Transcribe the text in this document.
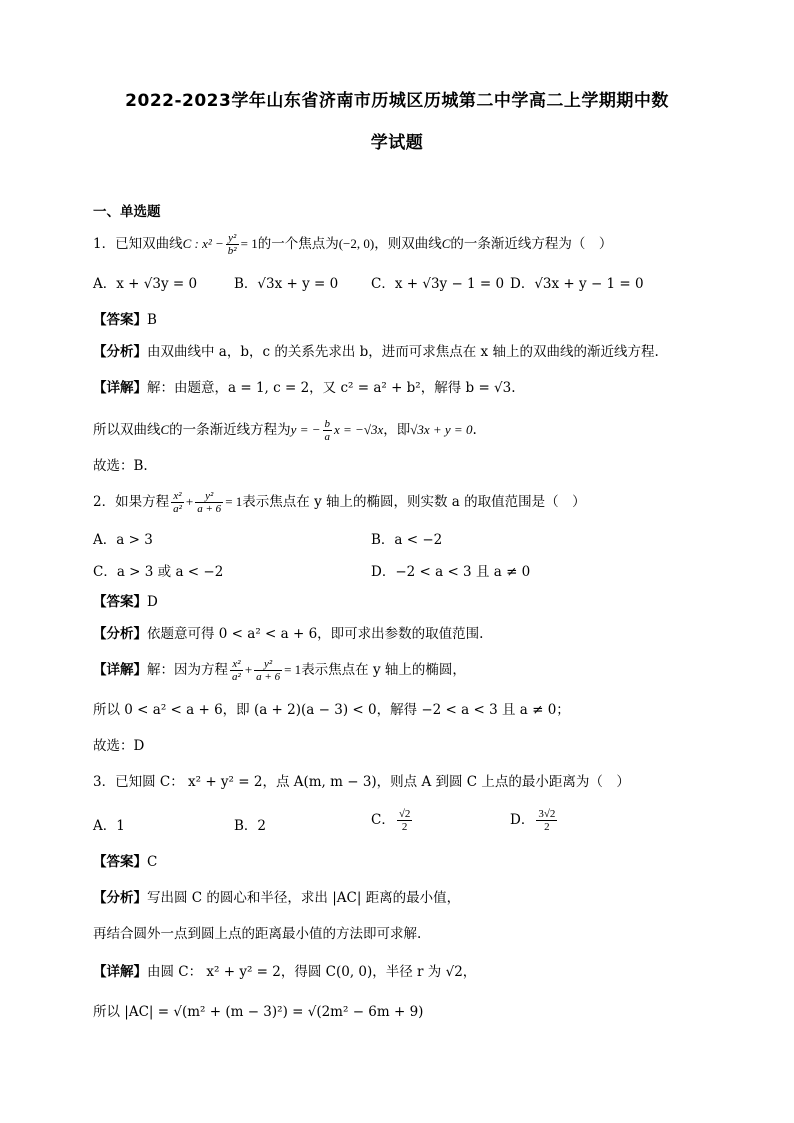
2022-2023学年山东省济南市历城区历城第二中学高二上学期期中数
学试题
一、单选题
1．已知双曲线C : $x^2 - \frac{\text{y²}}{\text{b²}} = 1$的一个焦点为(−2, 0)，则双曲线C的一条渐近线方程为（　）
A．x + √3y = 0	B．√3x + y = 0 C．x + √3y − 1 = 0 D．√3x + y − 1 = 0
【答案】B
【分析】由双曲线中 a，b，c 的关系先求出 b，进而可求焦点在 x 轴上的双曲线的渐近线方程.
【详解】解：由题意，a = 1, c = 2，又 c² = a² + b²，解得 b = √3.
所以双曲线C的一条渐近线方程为y = − $\frac{b}{a}$ x = −√3x，即√3x + y = 0.
故选：B.
2．如果方程 $\frac{\text{x²}}{\text{a²}} + \frac{\text{y²}}{a + 6} = 1$表示焦点在 y 轴上的椭圆，则实数 a 的取值范围是（　）
A．a > 3	B．a < −2
C．a > 3 或 a < −2	D．−2 < a < 3 且 a ≠ 0
【答案】D
【分析】依题意可得 0 < a² < a + 6，即可求出参数的取值范围.
【详解】解：因为方程 $\frac{\text{x²}}{\text{a²}} + \frac{\text{y²}}{a + 6} = 1$表示焦点在 y 轴上的椭圆，
所以 0 < a² < a + 6，即 (a + 2)(a − 3) < 0，解得 −2 < a < 3 且 a ≠ 0；
故选：D
3．已知圆 C： x² + y² = 2，点 A(m, m − 3)，则点 A 到圆 C 上点的最小距离为（　）
A．1	B．2	C． $\frac{√2}{2}$	D． $\frac{3√2}{2}$
【答案】C
【分析】写出圆 C 的圆心和半径，求出 |AC| 距离的最小值，
再结合圆外一点到圆上点的距离最小值的方法即可求解.
【详解】由圆 C： x² + y² = 2，得圆 C(0, 0)，半径 r 为 √2，
所以 |AC| = √(m² + (m − 3)²) = √(2m² − 6m + 9)
